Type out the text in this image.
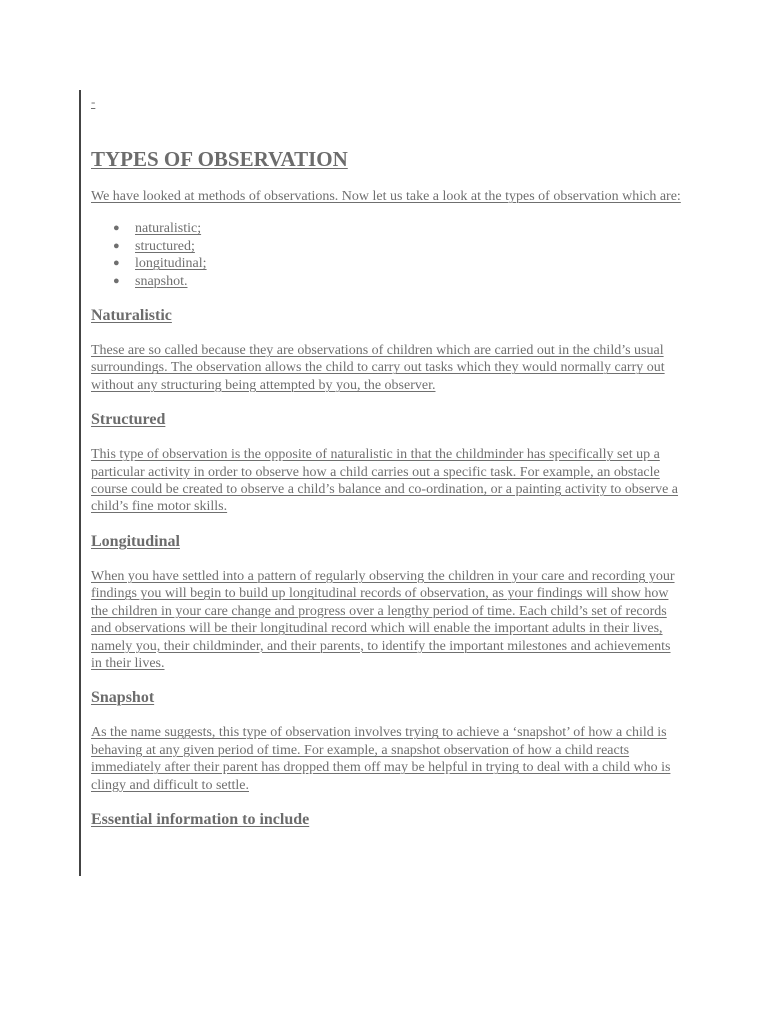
-
TYPES OF OBSERVATION

We have looked at methods of observations. Now let us take a look at the types of observation which are:

● naturalistic;
● structured;
● longitudinal;
● snapshot.
Naturalistic

These are so called because they are observations of children which are carried out in the child’s usual surroundings. The observation allows the child to carry out tasks which they would normally carry out without any structuring being attempted by you, the observer.

Structured

This type of observation is the opposite of naturalistic in that the childminder has specifically set up a particular activity in order to observe how a child carries out a specific task. For example, an obstacle course could be created to observe a child’s balance and co-ordination, or a painting activity to observe a child’s fine motor skills.

Longitudinal

When you have settled into a pattern of regularly observing the children in your care and recording your findings you will begin to build up longitudinal records of observation, as your findings will show how the children in your care change and progress over a lengthy period of time. Each child’s set of records and observations will be their longitudinal record which will enable the important adults in their lives, namely you, their childminder, and their parents, to identify the important milestones and achievements in their lives.

Snapshot

As the name suggests, this type of observation involves trying to achieve a ‘snapshot’ of how a child is behaving at any given period of time. For example, a snapshot observation of how a child reacts immediately after their parent has dropped them off may be helpful in trying to deal with a child who is clingy and difficult to settle.

Essential information to include
